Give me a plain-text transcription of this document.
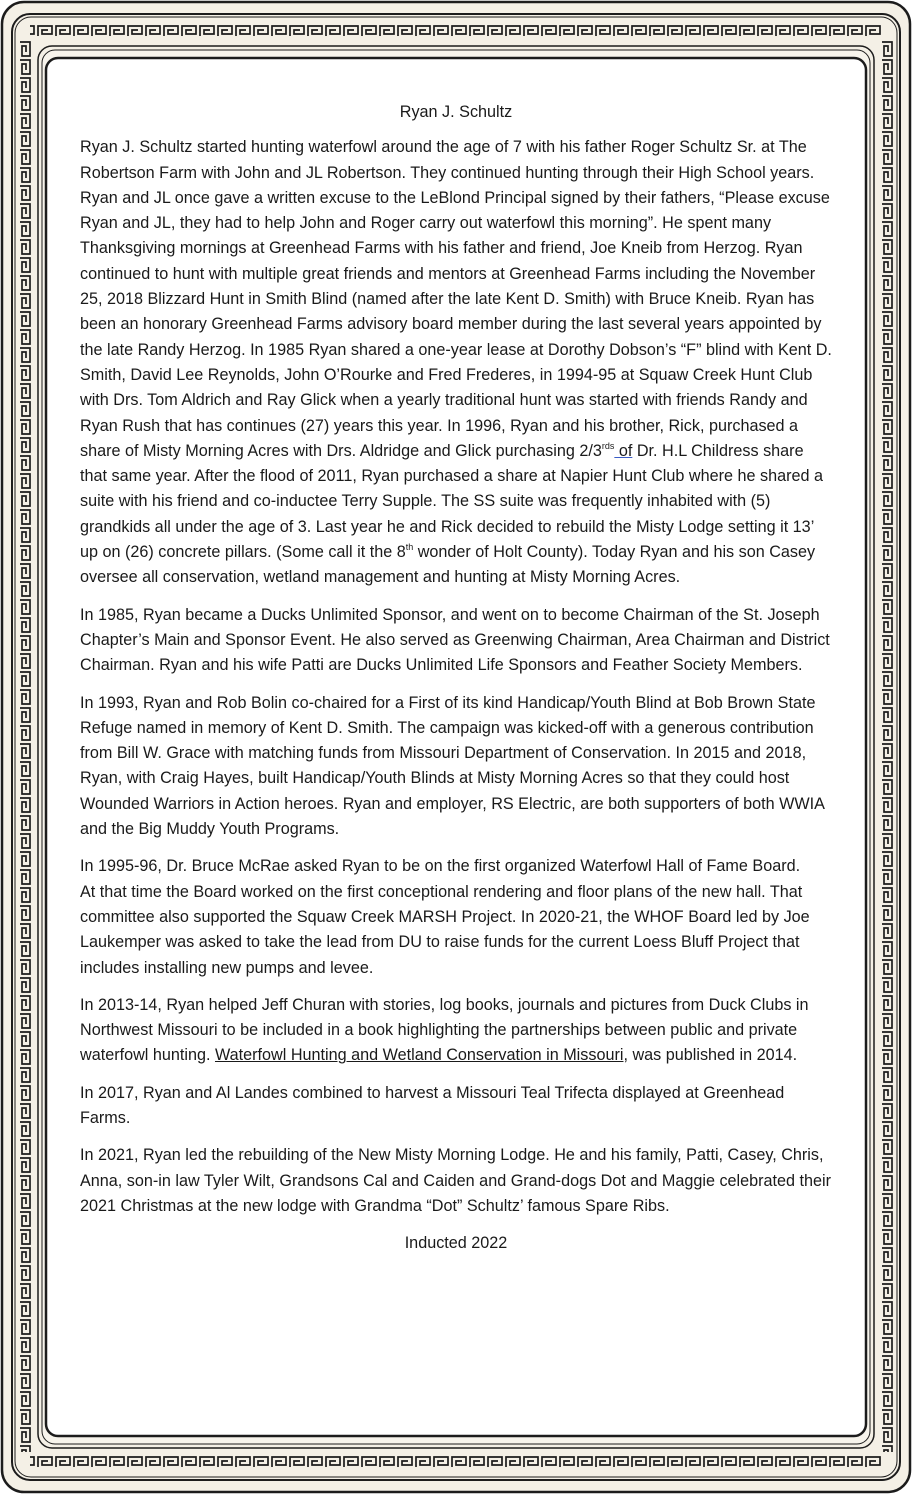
Ryan J. Schultz

Ryan J. Schultz started hunting waterfowl around the age of 7 with his father Roger Schultz Sr. at The Robertson Farm with John and JL Robertson. They continued hunting through their High School years. Ryan and JL once gave a written excuse to the LeBlond Principal signed by their fathers, “Please excuse Ryan and JL, they had to help John and Roger carry out waterfowl this morning”. He spent many Thanksgiving mornings at Greenhead Farms with his father and friend, Joe Kneib from Herzog. Ryan continued to hunt with multiple great friends and mentors at Greenhead Farms including the November 25, 2018 Blizzard Hunt in Smith Blind (named after the late Kent D. Smith) with Bruce Kneib. Ryan has been an honorary Greenhead Farms advisory board member during the last several years appointed by the late Randy Herzog. In 1985 Ryan shared a one-year lease at Dorothy Dobson’s “F” blind with Kent D. Smith, David Lee Reynolds, John O’Rourke and Fred Frederes, in 1994-95 at Squaw Creek Hunt Club with Drs. Tom Aldrich and Ray Glick when a yearly traditional hunt was started with friends Randy and Ryan Rush that has continues (27) years this year. In 1996, Ryan and his brother, Rick, purchased a share of Misty Morning Acres with Drs. Aldridge and Glick purchasing $2/3^{rds}$ of Dr. H.L Childress share that same year. After the flood of 2011, Ryan purchased a share at Napier Hunt Club where he shared a suite with his friend and co-inductee Terry Supple. The SS suite was frequently inhabited with (5) grandkids all under the age of 3. Last year he and Rick decided to rebuild the Misty Lodge setting it 13’ up on (26) concrete pillars. (Some call it the 8th wonder of Holt County). Today Ryan and his son Casey oversee all conservation, wetland management and hunting at Misty Morning Acres.

In 1985, Ryan became a Ducks Unlimited Sponsor, and went on to become Chairman of the St. Joseph Chapter’s Main and Sponsor Event. He also served as Greenwing Chairman, Area Chairman and District Chairman. Ryan and his wife Patti are Ducks Unlimited Life Sponsors and Feather Society Members.

In 1993, Ryan and Rob Bolin co-chaired for a First of its kind Handicap/Youth Blind at Bob Brown State Refuge named in memory of Kent D. Smith. The campaign was kicked-off with a generous contribution from Bill W. Grace with matching funds from Missouri Department of Conservation. In 2015 and 2018, Ryan, with Craig Hayes, built Handicap/Youth Blinds at Misty Morning Acres so that they could host Wounded Warriors in Action heroes. Ryan and employer, RS Electric, are both supporters of both WWIA and the Big Muddy Youth Programs.

In 1995-96, Dr. Bruce McRae asked Ryan to be on the first organized Waterfowl Hall of Fame Board.At that time the Board worked on the first conceptional rendering and floor plans of the new hall. That committee also supported the Squaw Creek MARSH Project. In 2020-21, the WHOF Board led by Joe Laukemper was asked to take the lead from DU to raise funds for the current Loess Bluff Project that includes installing new pumps and levee.

In 2013-14, Ryan helped Jeff Churan with stories, log books, journals and pictures from Duck Clubs in Northwest Missouri to be included in a book highlighting the partnerships between public and private waterfowl hunting. Waterfowl Hunting and Wetland Conservation in Missouri, was published in 2014.

In 2017, Ryan and Al Landes combined to harvest a Missouri Teal Trifecta displayed at Greenhead Farms.

In 2021, Ryan led the rebuilding of the New Misty Morning Lodge. He and his family, Patti, Casey, Chris, Anna, son-in law Tyler Wilt, Grandsons Cal and Caiden and Grand-dogs Dot and Maggie celebrated their 2021 Christmas at the new lodge with Grandma “Dot” Schultz’ famous Spare Ribs.

Inducted 2022
